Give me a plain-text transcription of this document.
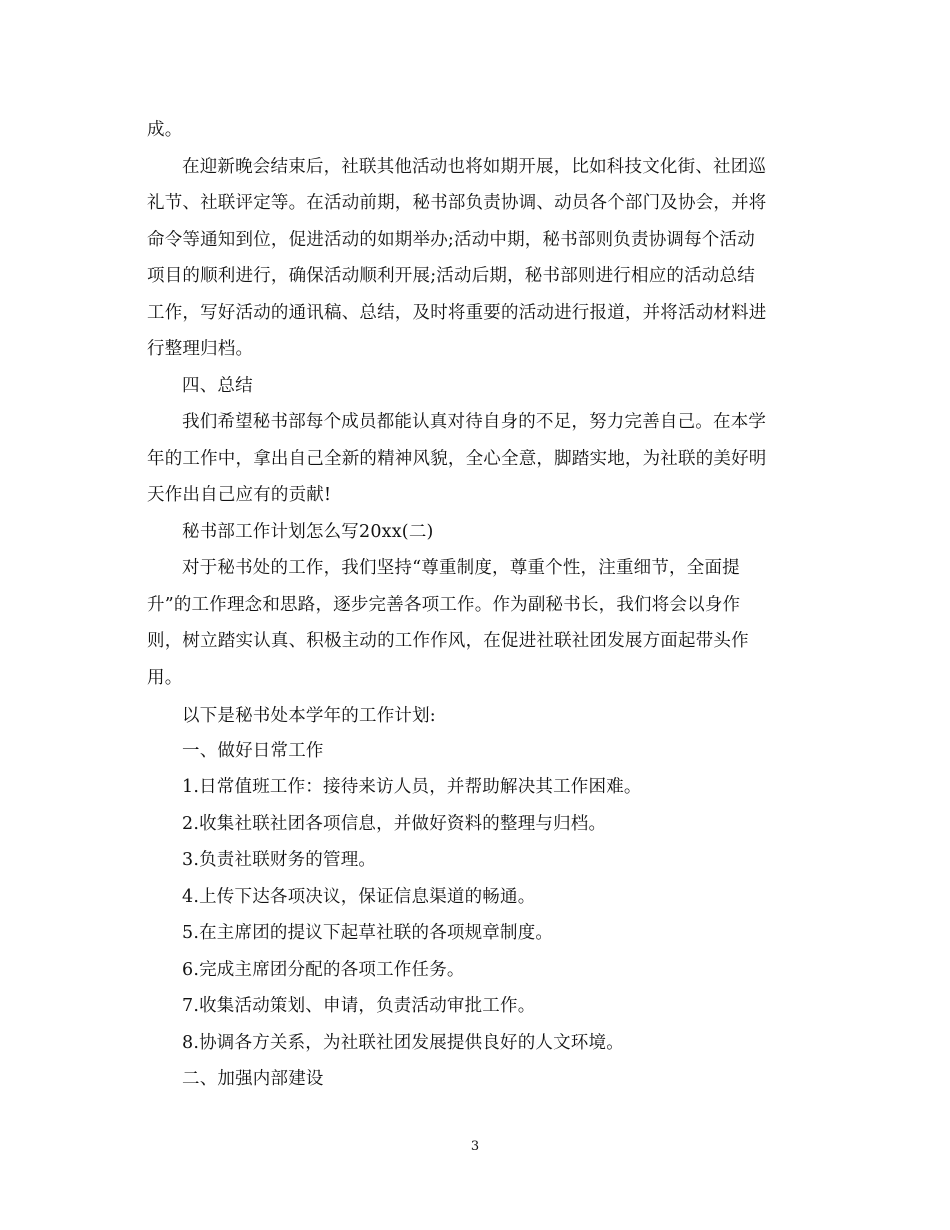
成。
在迎新晚会结束后，社联其他活动也将如期开展，比如科技文化街、社团巡
礼节、社联评定等。在活动前期，秘书部负责协调、动员各个部门及协会，并将
命令等通知到位，促进活动的如期举办;活动中期，秘书部则负责协调每个活动
项目的顺利进行，确保活动顺利开展;活动后期，秘书部则进行相应的活动总结
工作，写好活动的通讯稿、总结，及时将重要的活动进行报道，并将活动材料进
行整理归档。
四、总结
我们希望秘书部每个成员都能认真对待自身的不足，努力完善自己。在本学
年的工作中，拿出自己全新的精神风貌，全心全意，脚踏实地，为社联的美好明
天作出自己应有的贡献!
秘书部工作计划怎么写20xx(二)
对于秘书处的工作，我们坚持“尊重制度，尊重个性，注重细节，全面提
升”的工作理念和思路，逐步完善各项工作。作为副秘书长，我们将会以身作
则，树立踏实认真、积极主动的工作作风，在促进社联社团发展方面起带头作
用。
以下是秘书处本学年的工作计划:
一、做好日常工作
1.日常值班工作：接待来访人员，并帮助解决其工作困难。
2.收集社联社团各项信息，并做好资料的整理与归档。
3.负责社联财务的管理。
4.上传下达各项决议，保证信息渠道的畅通。
5.在主席团的提议下起草社联的各项规章制度。
6.完成主席团分配的各项工作任务。
7.收集活动策划、申请，负责活动审批工作。
8.协调各方关系，为社联社团发展提供良好的人文环境。
二、加强内部建设
3
